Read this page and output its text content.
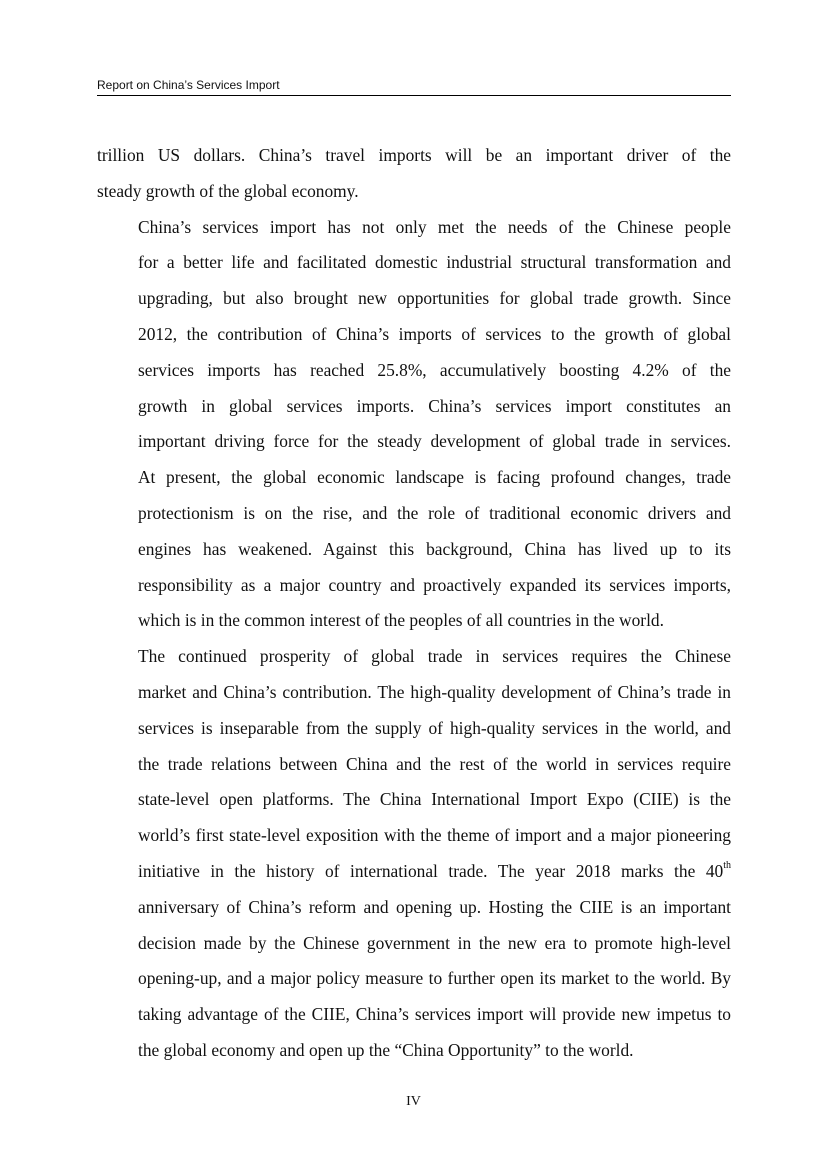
Report on China’s Services Import

trillion US dollars. China’s travel imports will be an important driver of the
steady growth of the global economy.

China’s services import has not only met the needs of the Chinese people
for a better life and facilitated domestic industrial structural transformation and
upgrading, but also brought new opportunities for global trade growth. Since
2012, the contribution of China’s imports of services to the growth of global
services imports has reached 25.8%, accumulatively boosting 4.2% of the
growth in global services imports. China’s services import constitutes an
important driving force for the steady development of global trade in services.
At present, the global economic landscape is facing profound changes, trade
protectionism is on the rise, and the role of traditional economic drivers and
engines has weakened. Against this background, China has lived up to its
responsibility as a major country and proactively expanded its services imports,
which is in the common interest of the peoples of all countries in the world.

The continued prosperity of global trade in services requires the Chinese
market and China’s contribution. The high-quality development of China’s trade in
services is inseparable from the supply of high-quality services in the world, and
the trade relations between China and the rest of the world in services require
state-level open platforms. The China International Import Expo (CIIE) is the
world’s first state-level exposition with the theme of import and a major pioneering
initiative in the history of international trade. The year 2018 marks the 40th
anniversary of China’s reform and opening up. Hosting the CIIE is an important
decision made by the Chinese government in the new era to promote high-level
opening-up, and a major policy measure to further open its market to the world. By
taking advantage of the CIIE, China’s services import will provide new impetus to
the global economy and open up the “China Opportunity” to the world.

IV
